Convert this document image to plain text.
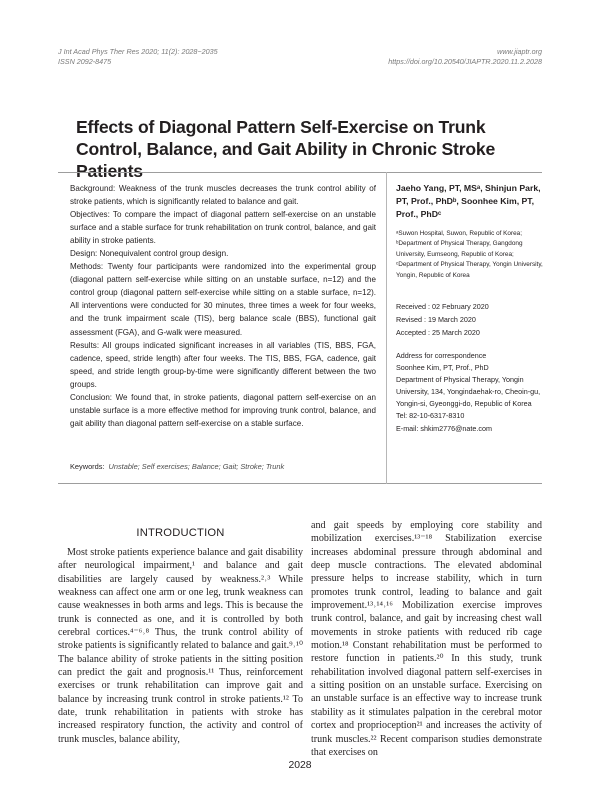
J Int Acad Phys Ther Res 2020; 11(2): 2028~2035
ISSN 2092-8475
www.jiaptr.org
https://doi.org/10.20540/JIAPTR.2020.11.2.2028
Effects of Diagonal Pattern Self-Exercise on Trunk Control, Balance, and Gait Ability in Chronic Stroke Patients

Background: Weakness of the trunk muscles decreases the trunk control ability of stroke patients, which is significantly related to balance and gait.

Objectives: To compare the impact of diagonal pattern self-exercise on an unstable surface and a stable surface for trunk rehabilitation on trunk control, balance, and gait ability in stroke patients.

Design: Nonequivalent control group design.

Methods: Twenty four participants were randomized into the experimental group (diagonal pattern self-exercise while sitting on an unstable surface, n=12) and the control group (diagonal pattern self-exercise while sitting on a stable surface, n=12). All interventions were conducted for 30 minutes, three times a week for four weeks, and the trunk impairment scale (TIS), berg balance scale (BBS), functional gait assessment (FGA), and G-walk were measured.

Results: All groups indicated significant increases in all variables (TIS, BBS, FGA, cadence, speed, stride length) after four weeks. The TIS, BBS, FGA, cadence, gait speed, and stride length group-by-time were significantly different between the two groups.

Conclusion: We found that, in stroke patients, diagonal pattern self-exercise on an unstable surface is a more effective method for improving trunk control, balance, and gait ability than diagonal pattern self-exercise on a stable surface.

Jaeho Yang, PT, MSᵃ, Shinjun Park, PT, Prof., PhDᵇ, Soonhee Kim, PT, Prof., PhDᶜ
ᵃSuwon Hospital, Suwon, Republic of Korea;
ᵇDepartment of Physical Therapy, Gangdong University, Eumseong, Republic of Korea;
ᶜDepartment of Physical Therapy, Yongin University, Yongin, Republic of Korea
Received : 02 February 2020
Revised : 19 March 2020
Accepted : 25 March 2020
Address for correspondence
Soonhee Kim, PT, Prof., PhD
Department of Physical Therapy, Yongin University, 134, Yongindaehak-ro, Cheoin-gu, Yongin-si, Gyeonggi-do, Republic of Korea
Tel: 82-10-6317-8310
E-mail: shkim2776@nate.com
Keywords: Unstable; Self exercises; Balance; Gait; Stroke; Trunk
INTRODUCTION
Most stroke patients experience balance and gait disability after neurological impairment,¹ and balance and gait disabilities are largely caused by weakness.²˒³ While weakness can affect one arm or one leg, trunk weakness can cause weaknesses in both arms and legs. This is because the trunk is connected as one, and it is controlled by both cerebral cortices.⁴⁻⁶˒⁸ Thus, the trunk control ability of stroke patients is significantly related to balance and gait.⁹˒¹⁰ The balance ability of stroke patients in the sitting position can predict the gait and prognosis.¹¹ Thus, reinforcement exercises or trunk rehabilitation can improve gait and balance by increasing trunk control in stroke patients.¹² To date, trunk rehabilitation in patients with stroke has increased respiratory function, the activity and control of trunk muscles, balance ability,
and gait speeds by employing core stability and mobilization exercises.¹³⁻¹⁸ Stabilization exercise increases abdominal pressure through abdominal and deep muscle contractions. The elevated abdominal pressure helps to increase stability, which in turn promotes trunk control, leading to balance and gait improvement.¹³˒¹⁴˒¹⁶ Mobilization exercise improves trunk control, balance, and gait by increasing chest wall movements in stroke patients with reduced rib cage motion.¹⁸ Constant rehabilitation must be performed to restore function in patients.²⁰ In this study, trunk rehabilitation involved diagonal pattern self-exercises in a sitting position on an unstable surface. Exercising on an unstable surface is an effective way to increase trunk stability as it stimulates palpation in the cerebral motor cortex and proprioception²¹ and increases the activity of trunk muscles.²² Recent comparison studies demonstrate that exercises on
2028
